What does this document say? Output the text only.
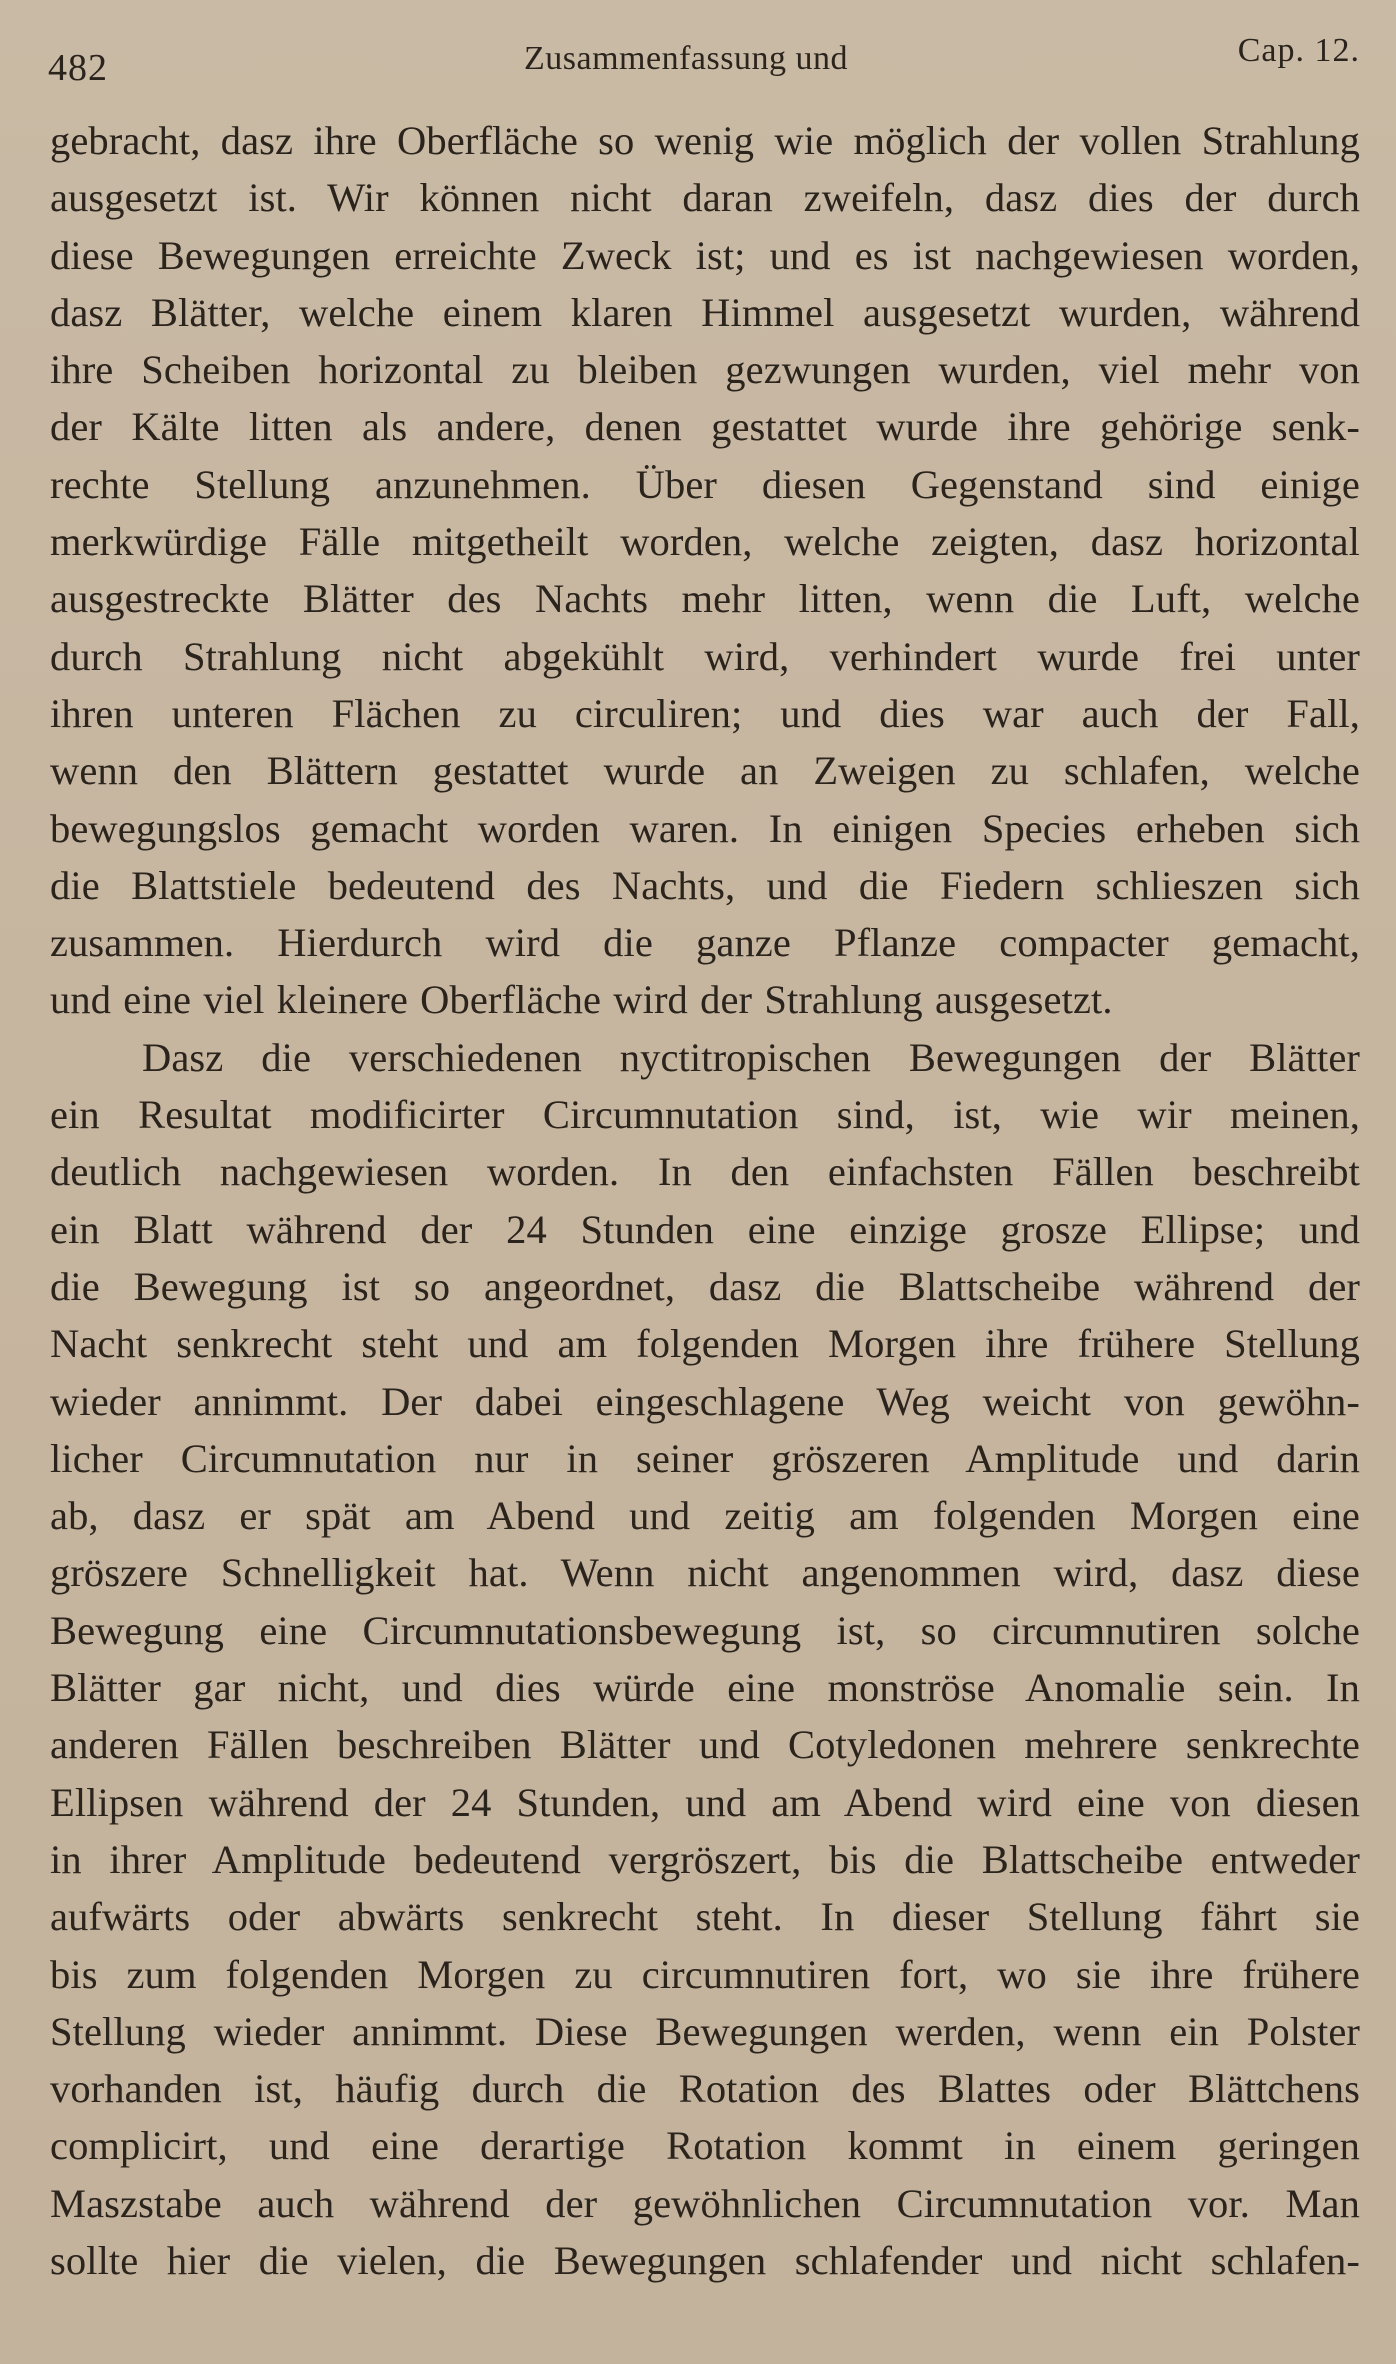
482	Zusammenfassung und	Cap. 12.
gebracht, dasz ihre Oberfläche so wenig wie möglich der vollen Strahlung
ausgesetzt ist. Wir können nicht daran zweifeln, dasz dies der durch
diese Bewegungen erreichte Zweck ist; und es ist nachgewiesen worden,
dasz Blätter, welche einem klaren Himmel ausgesetzt wurden, während
ihre Scheiben horizontal zu bleiben gezwungen wurden, viel mehr von
der Kälte litten als andere, denen gestattet wurde ihre gehörige senk-
rechte Stellung anzunehmen. Über diesen Gegenstand sind einige
merkwürdige Fälle mitgetheilt worden, welche zeigten, dasz horizontal
ausgestreckte Blätter des Nachts mehr litten, wenn die Luft, welche
durch Strahlung nicht abgekühlt wird, verhindert wurde frei unter
ihren unteren Flächen zu circuliren; und dies war auch der Fall,
wenn den Blättern gestattet wurde an Zweigen zu schlafen, welche
bewegungslos gemacht worden waren. In einigen Species erheben sich
die Blattstiele bedeutend des Nachts, und die Fiedern schlieszen sich
zusammen. Hierdurch wird die ganze Pflanze compacter gemacht,
und eine viel kleinere Oberfläche wird der Strahlung ausgesetzt.
Dasz die verschiedenen nyctitropischen Bewegungen der Blätter
ein Resultat modificirter Circumnutation sind, ist, wie wir meinen,
deutlich nachgewiesen worden. In den einfachsten Fällen beschreibt
ein Blatt während der 24 Stunden eine einzige grosze Ellipse; und
die Bewegung ist so angeordnet, dasz die Blattscheibe während der
Nacht senkrecht steht und am folgenden Morgen ihre frühere Stellung
wieder annimmt. Der dabei eingeschlagene Weg weicht von gewöhn-
licher Circumnutation nur in seiner gröszeren Amplitude und darin
ab, dasz er spät am Abend und zeitig am folgenden Morgen eine
gröszere Schnelligkeit hat. Wenn nicht angenommen wird, dasz diese
Bewegung eine Circumnutationsbewegung ist, so circumnutiren solche
Blätter gar nicht, und dies würde eine monströse Anomalie sein. In
anderen Fällen beschreiben Blätter und Cotyledonen mehrere senkrechte
Ellipsen während der 24 Stunden, und am Abend wird eine von diesen
in ihrer Amplitude bedeutend vergröszert, bis die Blattscheibe entweder
aufwärts oder abwärts senkrecht steht. In dieser Stellung fährt sie
bis zum folgenden Morgen zu circumnutiren fort, wo sie ihre frühere
Stellung wieder annimmt. Diese Bewegungen werden, wenn ein Polster
vorhanden ist, häufig durch die Rotation des Blattes oder Blättchens
complicirt, und eine derartige Rotation kommt in einem geringen
Maszstabe auch während der gewöhnlichen Circumnutation vor. Man
sollte hier die vielen, die Bewegungen schlafender und nicht schlafen-
